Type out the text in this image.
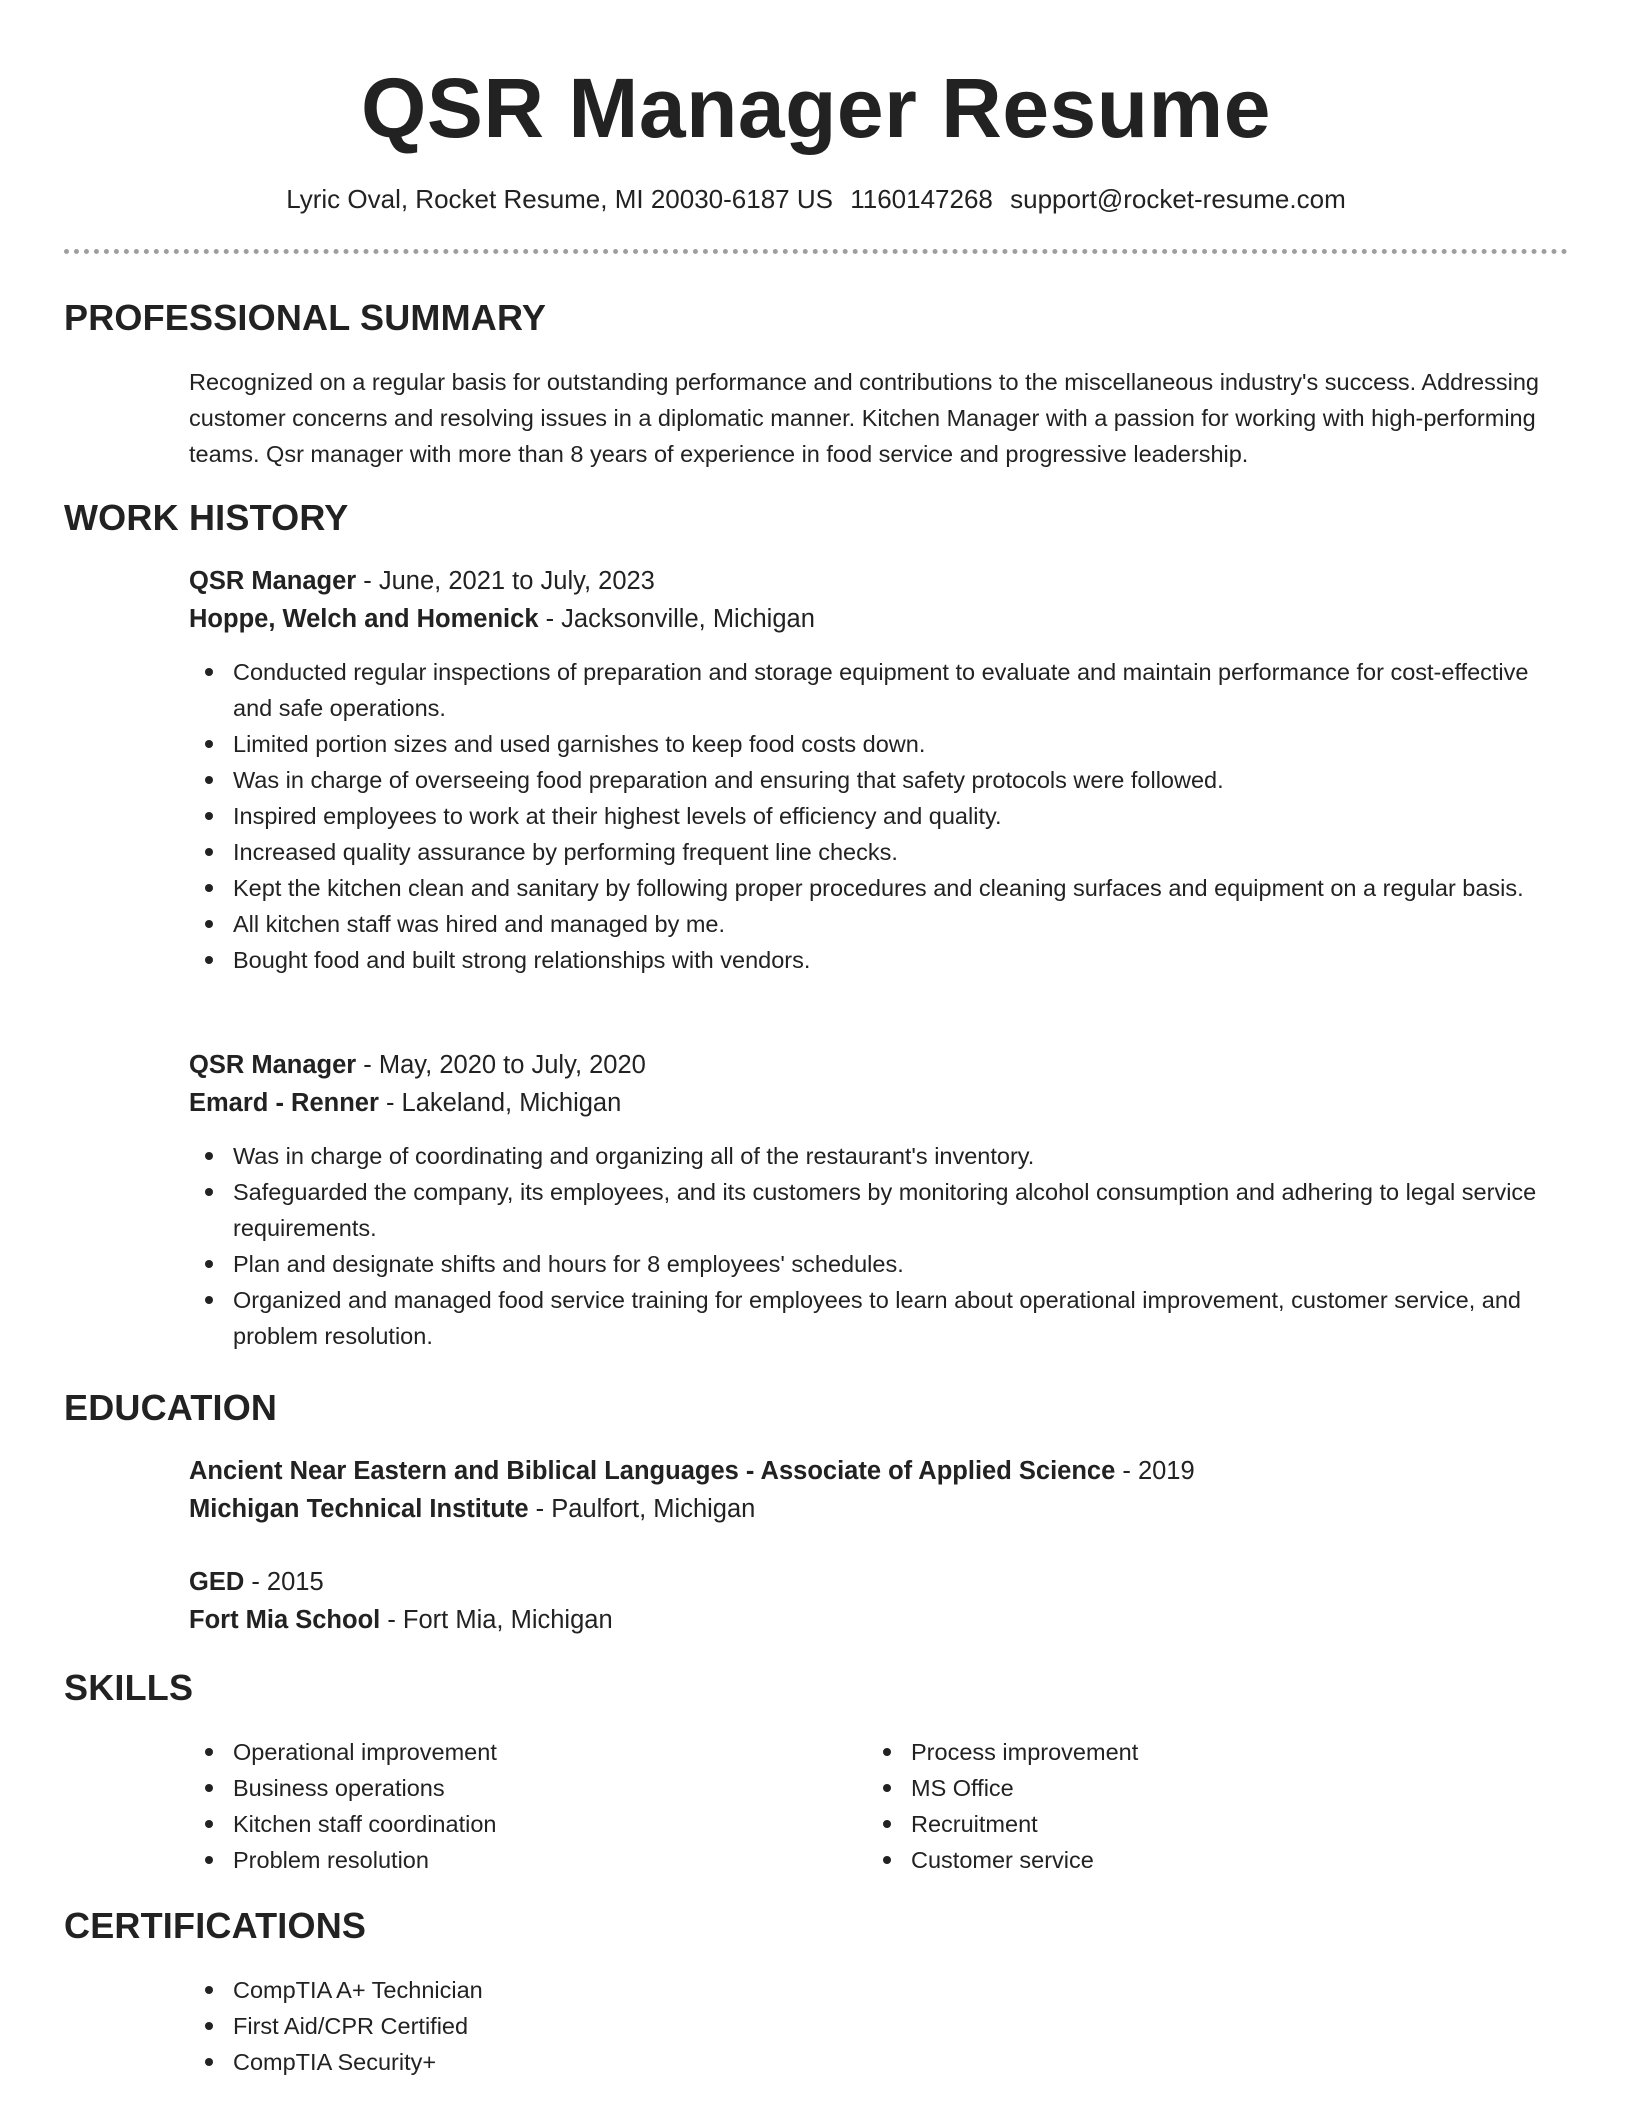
QSR Manager Resume
Lyric Oval, Rocket Resume, MI 20030-6187 US 1160147268 support@rocket-resume.com
PROFESSIONAL SUMMARY

Recognized on a regular basis for outstanding performance and contributions to the miscellaneous industry's success. Addressing customer concerns and resolving issues in a diplomatic manner. Kitchen Manager with a passion for working with high-performing teams. Qsr manager with more than 8 years of experience in food service and progressive leadership.

WORK HISTORY
QSR Manager - June, 2021 to July, 2023
Hoppe, Welch and Homenick - Jacksonville, Michigan
Conducted regular inspections of preparation and storage equipment to evaluate and maintain performance for cost-effective and safe operations.
Limited portion sizes and used garnishes to keep food costs down.
Was in charge of overseeing food preparation and ensuring that safety protocols were followed.
Inspired employees to work at their highest levels of efficiency and quality.
Increased quality assurance by performing frequent line checks.
Kept the kitchen clean and sanitary by following proper procedures and cleaning surfaces and equipment on a regular basis.
All kitchen staff was hired and managed by me.
Bought food and built strong relationships with vendors.
QSR Manager - May, 2020 to July, 2020
Emard - Renner - Lakeland, Michigan
Was in charge of coordinating and organizing all of the restaurant's inventory.
Safeguarded the company, its employees, and its customers by monitoring alcohol consumption and adhering to legal service requirements.
Plan and designate shifts and hours for 8 employees' schedules.
Organized and managed food service training for employees to learn about operational improvement, customer service, and problem resolution.
EDUCATION
Ancient Near Eastern and Biblical Languages - Associate of Applied Science - 2019
Michigan Technical Institute - Paulfort, Michigan
GED - 2015
Fort Mia School - Fort Mia, Michigan
SKILLS
Operational improvement
Business operations
Kitchen staff coordination
Problem resolution
Process improvement
MS Office
Recruitment
Customer service
CERTIFICATIONS
CompTIA A+ Technician
First Aid/CPR Certified
CompTIA Security+
